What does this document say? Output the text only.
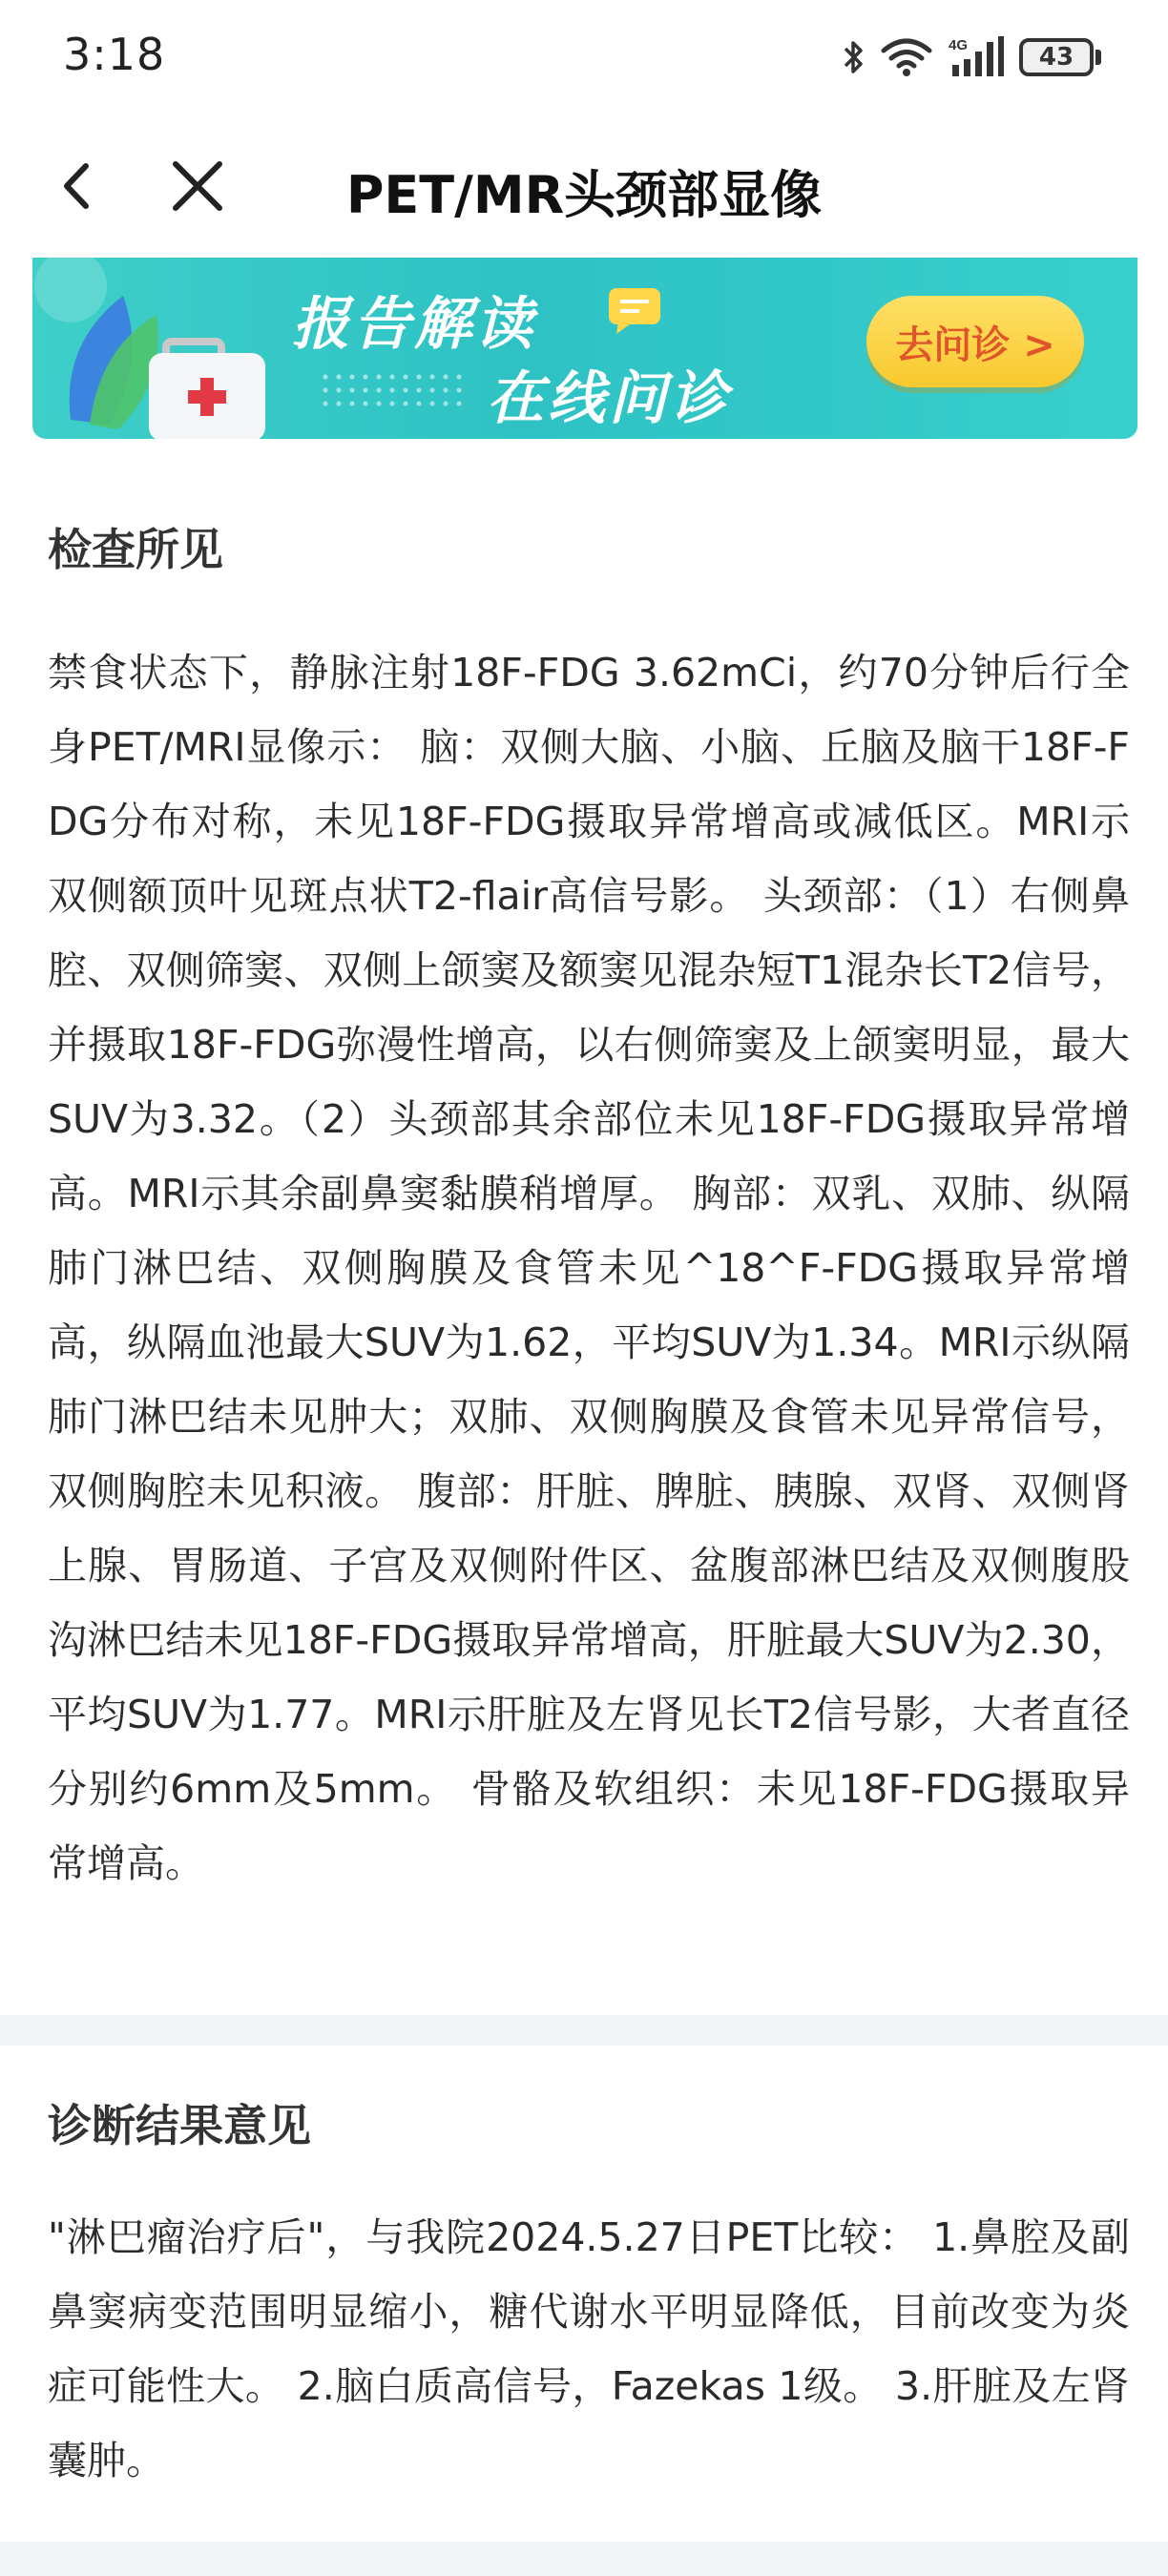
3:18	4G	43
PET/MR头颈部显像
报告解读
在线问诊
去问诊 >
检查所见
禁食状态下，静脉注射18F-FDG 3.62mCi，约70分钟后行全身PET/MRI显像示： 脑：双侧大脑、小脑、丘脑及脑干18F-FDG分布对称，未见18F-FDG摄取异常增高或减低区。MRI示双侧额顶叶见斑点状T2-flair高信号影。 头颈部：（1）右侧鼻腔、双侧筛窦、双侧上颌窦及额窦见混杂短T1混杂长T2信号，并摄取18F-FDG弥漫性增高，以右侧筛窦及上颌窦明显，最大SUV为3.32。（2）头颈部其余部位未见18F-FDG摄取异常增高。MRI示其余副鼻窦黏膜稍增厚。 胸部：双乳、双肺、纵隔肺门淋巴结、双侧胸膜及食管未见^18^F-FDG摄取异常增高，纵隔血池最大SUV为1.62，平均SUV为1.34。MRI示纵隔肺门淋巴结未见肿大；双肺、双侧胸膜及食管未见异常信号，双侧胸腔未见积液。 腹部：肝脏、脾脏、胰腺、双肾、双侧肾上腺、胃肠道、子宫及双侧附件区、盆腹部淋巴结及双侧腹股沟淋巴结未见18F-FDG摄取异常增高，肝脏最大SUV为2.30，平均SUV为1.77。MRI示肝脏及左肾见长T2信号影，大者直径分别约6mm及5mm。 骨骼及软组织：未见18F-FDG摄取异常增高。
诊断结果意见
"淋巴瘤治疗后"，与我院2024.5.27日PET比较： 1.鼻腔及副鼻窦病变范围明显缩小，糖代谢水平明显降低，目前改变为炎症可能性大。 2.脑白质高信号，Fazekas 1级。 3.肝脏及左肾囊肿。
